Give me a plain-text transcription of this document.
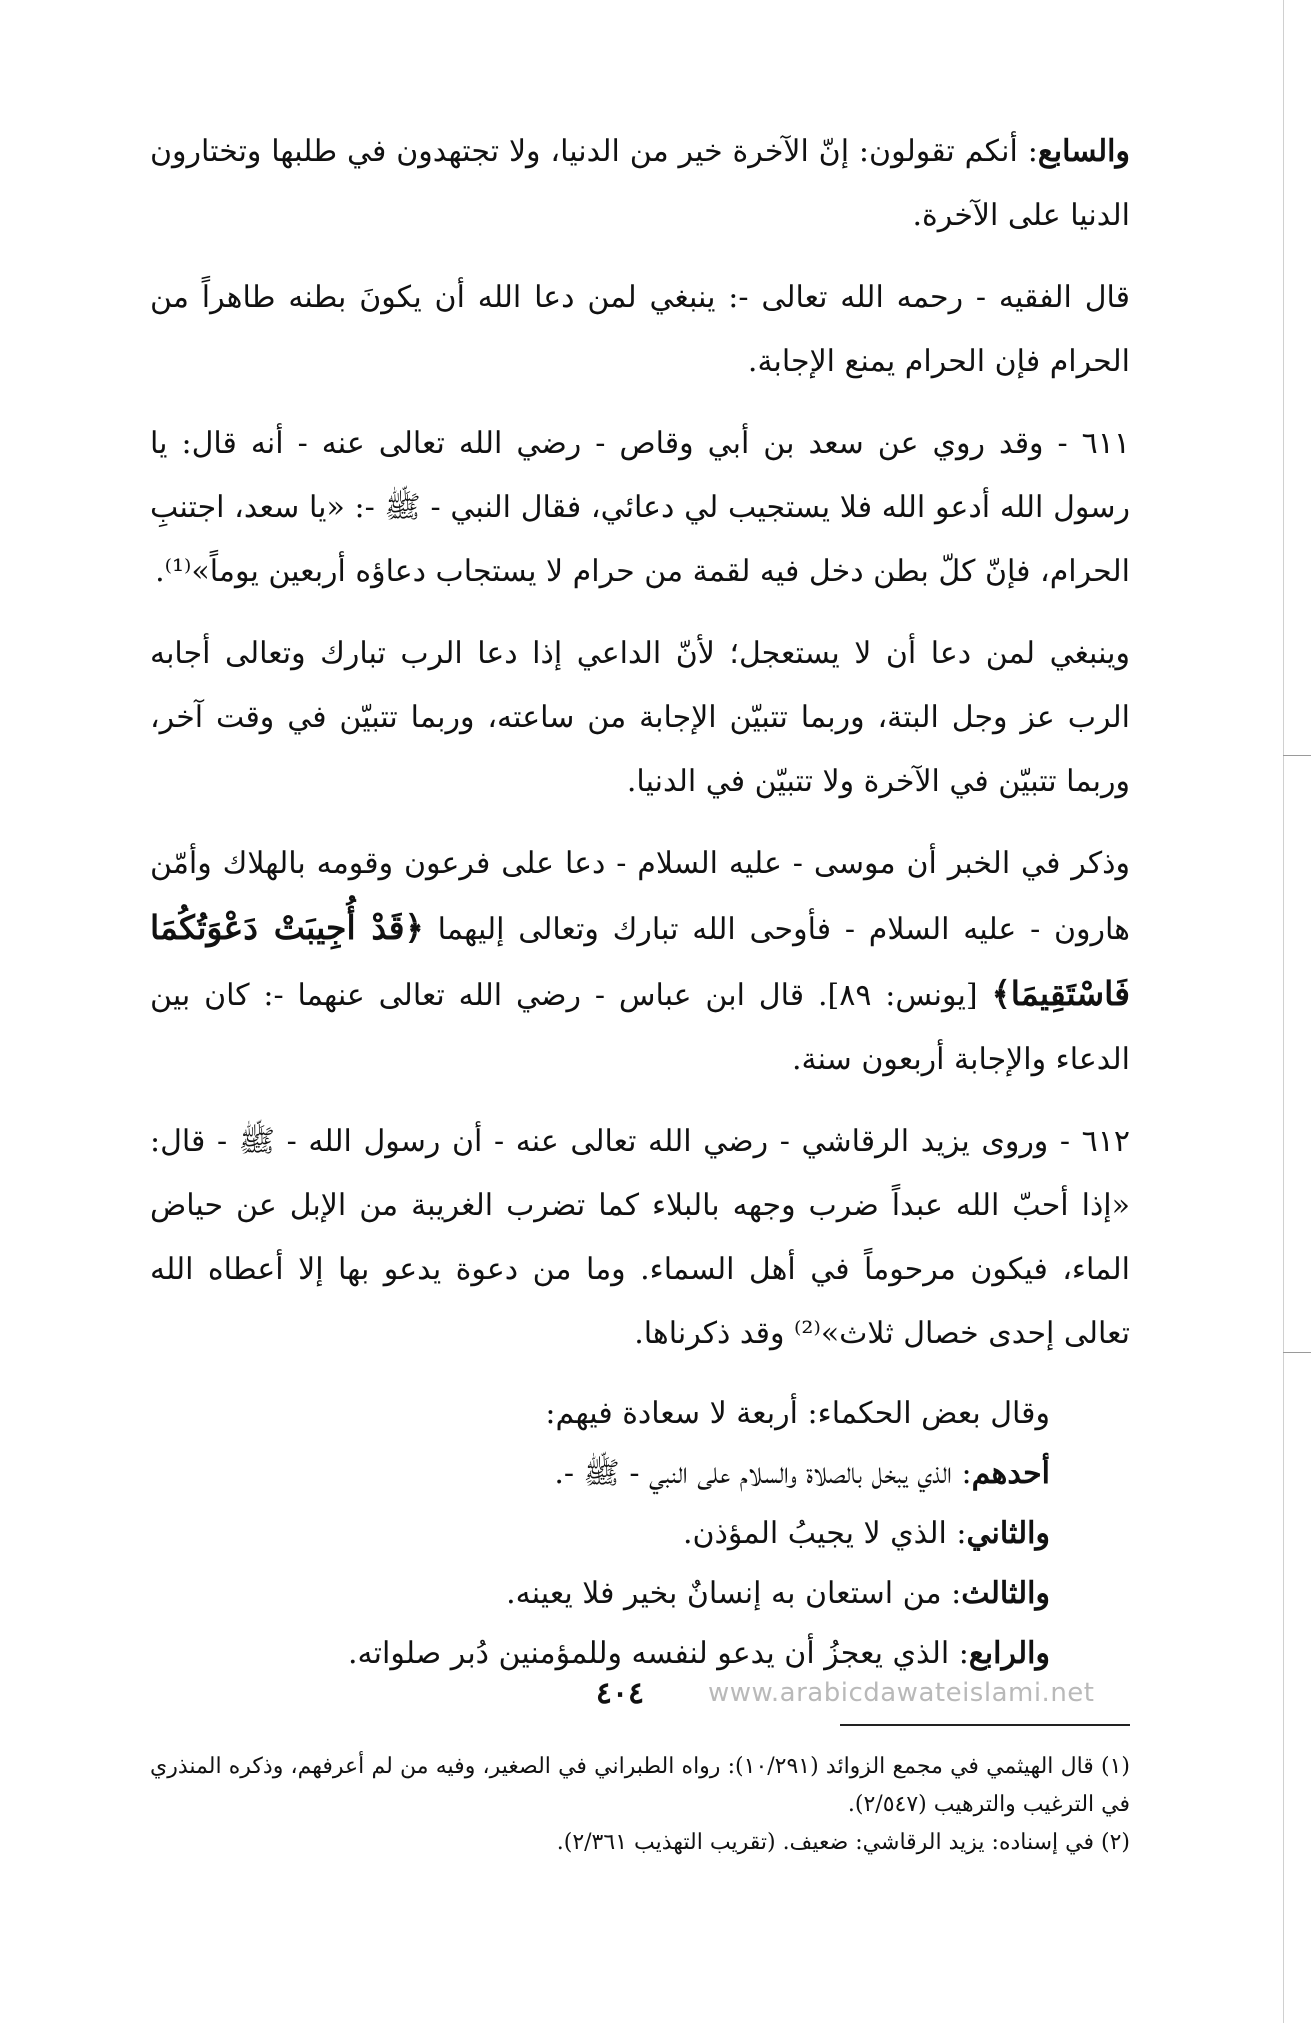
والسابع: أنكم تقولون: إنّ الآخرة خير من الدنيا، ولا تجتهدون في طلبها وتختارون الدنيا على الآخرة.

قال الفقيه - رحمه الله تعالى -: ينبغي لمن دعا الله أن يكونَ بطنه طاهراً من الحرام فإن الحرام يمنع الإجابة.

٦١١ - وقد روي عن سعد بن أبي وقاص - رضي الله تعالى عنه - أنه قال: يا رسول الله أدعو الله فلا يستجيب لي دعائي، فقال النبي - ﷺ -: «يا سعد، اجتنبِ الحرام، فإنّ كلّ بطن دخل فيه لقمة من حرام لا يستجاب دعاؤه أربعين يوماً»⁽¹⁾.

وينبغي لمن دعا أن لا يستعجل؛ لأنّ الداعي إذا دعا الرب تبارك وتعالى أجابه الرب عز وجل البتة، وربما تتبيّن الإجابة من ساعته، وربما تتبيّن في وقت آخر، وربما تتبيّن في الآخرة ولا تتبيّن في الدنيا.

وذكر في الخبر أن موسى - عليه السلام - دعا على فرعون وقومه بالهلاك وأمّن هارون - عليه السلام - فأوحى الله تبارك وتعالى إليهما ﴿قَدْ أُجِيبَتْ دَعْوَتُكُمَا فَاسْتَقِيمَا﴾ [يونس: ٨٩]. قال ابن عباس - رضي الله تعالى عنهما -: كان بين الدعاء والإجابة أربعون سنة.

٦١٢ - وروى يزيد الرقاشي - رضي الله تعالى عنه - أن رسول الله - ﷺ - قال: «إذا أحبّ الله عبداً ضرب وجهه بالبلاء كما تضرب الغريبة من الإبل عن حياض الماء، فيكون مرحوماً في أهل السماء. وما من دعوة يدعو بها إلا أعطاه الله تعالى إحدى خصال ثلاث»⁽²⁾ وقد ذكرناها.

وقال بعض الحكماء: أربعة لا سعادة فيهم:

أحدهم: الذي يبخل بالصلاة والسلام على النبي - ﷺ -.

والثاني: الذي لا يجيبُ المؤذن.

والثالث: من استعان به إنسانٌ بخير فلا يعينه.

والرابع: الذي يعجزُ أن يدعو لنفسه وللمؤمنين دُبر صلواته.

(١) قال الهيثمي في مجمع الزوائد (١٠/٢٩١): رواه الطبراني في الصغير، وفيه من لم أعرفهم، وذكره المنذري في الترغيب والترهيب (٢/٥٤٧).

(٢) في إسناده: يزيد الرقاشي: ضعيف. (تقريب التهذيب ٢/٣٦١).

٤٠٤	www.arabicdawateislami.net
